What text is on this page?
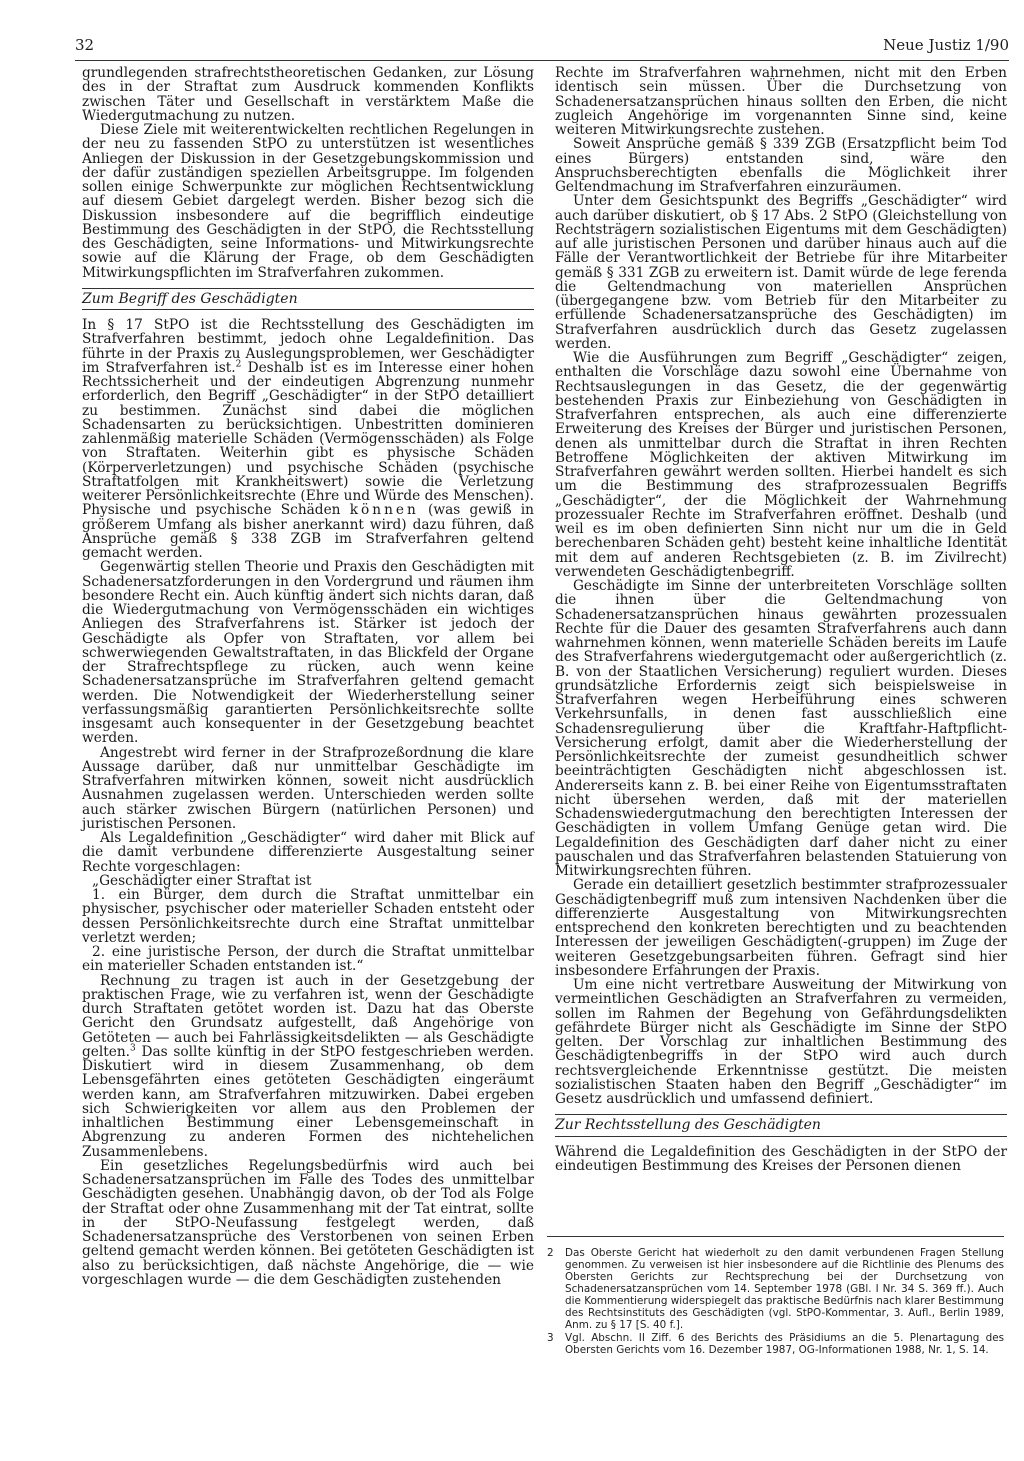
32	Neue Justiz 1/90

grundlegenden strafrechtstheoretischen Gedanken, zur Lösung des in der Straftat zum Ausdruck kommenden Konflikts zwischen Täter und Gesellschaft in verstärktem Maße die Wiedergutmachung zu nutzen.

Diese Ziele mit weiterentwickelten rechtlichen Regelungen in der neu zu fassenden StPO zu unterstützen ist wesentliches Anliegen der Diskussion in der Gesetzgebungskommission und der dafür zuständigen speziellen Arbeitsgruppe. Im folgenden sollen einige Schwerpunkte zur möglichen Rechtsentwicklung auf diesem Gebiet dargelegt werden. Bisher bezog sich die Diskussion insbesondere auf die begrifflich eindeutige Bestimmung des Geschädigten in der StPO, die Rechtsstellung des Geschädigten, seine Informations- und Mitwirkungsrechte sowie auf die Klärung der Frage, ob dem Geschädigten Mitwirkungspflichten im Strafverfahren zukommen.

Zum Begriff des Geschädigten

In § 17 StPO ist die Rechtsstellung des Geschädigten im Strafverfahren bestimmt, jedoch ohne Legaldefinition. Das führte in der Praxis zu Auslegungsproblemen, wer Geschädigter im Strafverfahren ist.$^2$ Deshalb ist es im Interesse einer hohen Rechtssicherheit und der eindeutigen Abgrenzung nunmehr erforderlich, den Begriff „Geschädigter“ in der StPO detailliert zu bestimmen. Zunächst sind dabei die möglichen Schadensarten zu berücksichtigen. Unbestritten dominieren zahlenmäßig materielle Schäden (Vermögensschäden) als Folge von Straftaten. Weiterhin gibt es physische Schäden (Körperverletzungen) und psychische Schäden (psychische Straftatfolgen mit Krankheitswert) sowie die Verletzung weiterer Persönlichkeitsrechte (Ehre und Würde des Menschen). Physische und psychische Schäden können (was gewiß in größerem Umfang als bisher anerkannt wird) dazu führen, daß Ansprüche gemäß § 338 ZGB im Strafverfahren geltend gemacht werden.

Gegenwärtig stellen Theorie und Praxis den Geschädigten mit Schadenersatzforderungen in den Vordergrund und räumen ihm besondere Recht ein. Auch künftig ändert sich nichts daran, daß die Wiedergutmachung von Vermögensschäden ein wichtiges Anliegen des Strafverfahrens ist. Stärker ist jedoch der Geschädigte als Opfer von Straftaten, vor allem bei schwerwiegenden Gewaltstraftaten, in das Blickfeld der Organe der Strafrechtspflege zu rücken, auch wenn keine Schadenersatzansprüche im Strafverfahren geltend gemacht werden. Die Notwendigkeit der Wiederherstellung seiner verfassungsmäßig garantierten Persönlichkeitsrechte sollte insgesamt auch konsequenter in der Gesetzgebung beachtet werden.

Angestrebt wird ferner in der Strafprozeßordnung die klare Aussage darüber, daß nur unmittelbar Geschädigte im Strafverfahren mitwirken können, soweit nicht ausdrücklich Ausnahmen zugelassen werden. Unterschieden werden sollte auch stärker zwischen Bürgern (natürlichen Personen) und juristischen Personen.

Als Legaldefinition „Geschädigter“ wird daher mit Blick auf die damit verbundene differenzierte Ausgestaltung seiner Rechte vorgeschlagen:

„Geschädigter einer Straftat ist

1. ein Bürger, dem durch die Straftat unmittelbar ein physischer, psychischer oder materieller Schaden entsteht oder dessen Persönlichkeitsrechte durch eine Straftat unmittelbar verletzt werden;

2. eine juristische Person, der durch die Straftat unmittelbar ein materieller Schaden entstanden ist.“

Rechnung zu tragen ist auch in der Gesetzgebung der praktischen Frage, wie zu verfahren ist, wenn der Geschädigte durch Straftaten getötet worden ist. Dazu hat das Oberste Gericht den Grundsatz aufgestellt, daß Angehörige von Getöteten — auch bei Fahrlässigkeitsdelikten — als Geschädigte gelten.$^3$ Das sollte künftig in der StPO festgeschrieben werden. Diskutiert wird in diesem Zusammenhang, ob dem Lebensgefährten eines getöteten Geschädigten eingeräumt werden kann, am Strafverfahren mitzuwirken. Dabei ergeben sich Schwierigkeiten vor allem aus den Problemen der inhaltlichen Bestimmung einer Lebensgemeinschaft in Abgrenzung zu anderen Formen des nichtehelichen Zusammenlebens.

Ein gesetzliches Regelungsbedürfnis wird auch bei Schadenersatzansprüchen im Falle des Todes des unmittelbar Geschädigten gesehen. Unabhängig davon, ob der Tod als Folge der Straftat oder ohne Zusammenhang mit der Tat eintrat, sollte in der StPO-Neufassung festgelegt werden, daß Schadenersatzansprüche des Verstorbenen von seinen Erben geltend gemacht werden können. Bei getöteten Geschädigten ist also zu berücksichtigen, daß nächste Angehörige, die — wie vorgeschlagen wurde — die dem Geschädigten zustehenden

Rechte im Strafverfahren wahrnehmen, nicht mit den Erben identisch sein müssen. Über die Durchsetzung von Schadenersatzansprüchen hinaus sollten den Erben, die nicht zugleich Angehörige im vorgenannten Sinne sind, keine weiteren Mitwirkungsrechte zustehen.

Soweit Ansprüche gemäß § 339 ZGB (Ersatzpflicht beim Tod eines Bürgers) entstanden sind, wäre den Anspruchsberechtigten ebenfalls die Möglichkeit ihrer Geltendmachung im Strafverfahren einzuräumen.

Unter dem Gesichtspunkt des Begriffs „Geschädigter“ wird auch darüber diskutiert, ob § 17 Abs. 2 StPO (Gleichstellung von Rechtsträgern sozialistischen Eigentums mit dem Geschädigten) auf alle juristischen Personen und darüber hinaus auch auf die Fälle der Verantwortlichkeit der Betriebe für ihre Mitarbeiter gemäß § 331 ZGB zu erweitern ist. Damit würde de lege ferenda die Geltendmachung von materiellen Ansprüchen (übergegangene bzw. vom Betrieb für den Mitarbeiter zu erfüllende Schadenersatzansprüche des Geschädigten) im Strafverfahren ausdrücklich durch das Gesetz zugelassen werden.

Wie die Ausführungen zum Begriff „Geschädigter“ zeigen, enthalten die Vorschläge dazu sowohl eine Übernahme von Rechtsauslegungen in das Gesetz, die der gegenwärtig bestehenden Praxis zur Einbeziehung von Geschädigten in Strafverfahren entsprechen, als auch eine differenzierte Erweiterung des Kreises der Bürger und juristischen Personen, denen als unmittelbar durch die Straftat in ihren Rechten Betroffene Möglichkeiten der aktiven Mitwirkung im Strafverfahren gewährt werden sollten. Hierbei handelt es sich um die Bestimmung des strafprozessualen Begriffs „Geschädigter“, der die Möglichkeit der Wahrnehmung prozessualer Rechte im Strafverfahren eröffnet. Deshalb (und weil es im oben definierten Sinn nicht nur um die in Geld berechenbaren Schäden geht) besteht keine inhaltliche Identität mit dem auf anderen Rechtsgebieten (z. B. im Zivilrecht) verwendeten Geschädigtenbegriff.

Geschädigte im Sinne der unterbreiteten Vorschläge sollten die ihnen über die Geltendmachung von Schadenersatzansprüchen hinaus gewährten prozessualen Rechte für die Dauer des gesamten Strafverfahrens auch dann wahrnehmen können, wenn materielle Schäden bereits im Laufe des Strafverfahrens wiedergutgemacht oder außergerichtlich (z. B. von der Staatlichen Versicherung) reguliert wurden. Dieses grundsätzliche Erfordernis zeigt sich beispielsweise in Strafverfahren wegen Herbeiführung eines schweren Verkehrsunfalls, in denen fast ausschließlich eine Schadensregulierung über die Kraftfahr-Haftpflicht-Versicherung erfolgt, damit aber die Wiederherstellung der Persönlichkeitsrechte der zumeist gesundheitlich schwer beeinträchtigten Geschädigten nicht abgeschlossen ist. Andererseits kann z. B. bei einer Reihe von Eigentumsstraftaten nicht übersehen werden, daß mit der materiellen Schadenswiedergutmachung den berechtigten Interessen der Geschädigten in vollem Umfang Genüge getan wird. Die Legaldefinition des Geschädigten darf daher nicht zu einer pauschalen und das Strafverfahren belastenden Statuierung von Mitwirkungsrechten führen.

Gerade ein detailliert gesetzlich bestimmter strafprozessualer Geschädigtenbegriff muß zum intensiven Nachdenken über die differenzierte Ausgestaltung von Mitwirkungsrechten entsprechend den konkreten berechtigten und zu beachtenden Interessen der jeweiligen Geschädigten(-gruppen) im Zuge der weiteren Gesetzgebungsarbeiten führen. Gefragt sind hier insbesondere Erfahrungen der Praxis.

Um eine nicht vertretbare Ausweitung der Mitwirkung von vermeintlichen Geschädigten an Strafverfahren zu vermeiden, sollen im Rahmen der Begehung von Gefährdungsdelikten gefährdete Bürger nicht als Geschädigte im Sinne der StPO gelten. Der Vorschlag zur inhaltlichen Bestimmung des Geschädigtenbegriffs in der StPO wird auch durch rechtsvergleichende Erkenntnisse gestützt. Die meisten sozialistischen Staaten haben den Begriff „Geschädigter“ im Gesetz ausdrücklich und umfassend definiert.

Zur Rechtsstellung des Geschädigten

Während die Legaldefinition des Geschädigten in der StPO der eindeutigen Bestimmung des Kreises der Personen dienen

2	Das Oberste Gericht hat wiederholt zu den damit verbundenen Fragen Stellung genommen. Zu verweisen ist hier insbesondere auf die Richtlinie des Plenums des Obersten Gerichts zur Rechtsprechung bei der Durchsetzung von Schadenersatzansprüchen vom 14. September 1978 (GBl. I Nr. 34 S. 369 ff.). Auch die Kommentierung widerspiegelt das praktische Bedürfnis nach klarer Bestimmung des Rechtsinstituts des Geschädigten (vgl. StPO-Kommentar, 3. Aufl., Berlin 1989, Anm. zu § 17 [S. 40 f.].
3	Vgl. Abschn. II Ziff. 6 des Berichts des Präsidiums an die 5. Plenartagung des Obersten Gerichts vom 16. Dezember 1987, OG-Informationen 1988, Nr. 1, S. 14.
